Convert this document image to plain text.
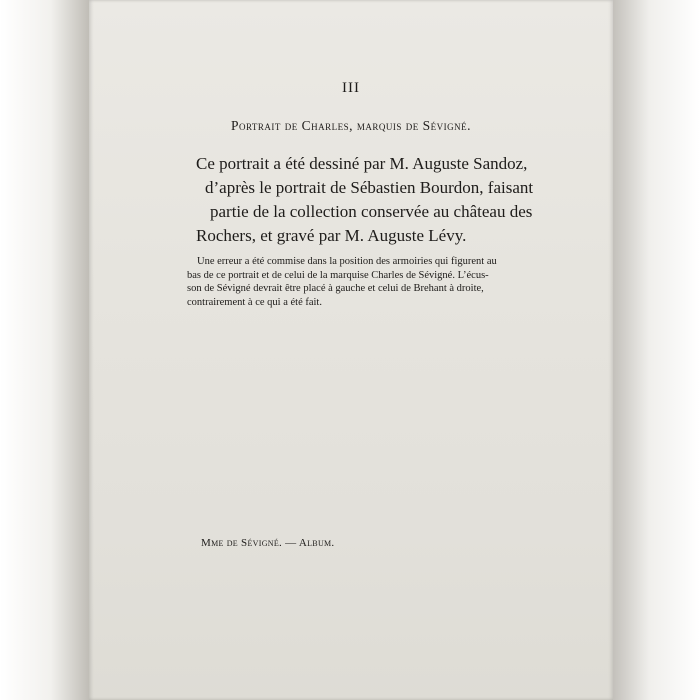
III
Portrait de Charles, marquis de Sévigné.
Ce portrait a été dessiné par M. Auguste Sandoz,
d’après le portrait de Sébastien Bourdon, faisant
partie de la collection conservée au château des
Rochers, et gravé par M. Auguste Lévy.
Une erreur a été commise dans la position des armoiries qui figurent au
bas de ce portrait et de celui de la marquise Charles de Sévigné. L’écus-
son de Sévigné devrait être placé à gauche et celui de Brehant à droite,
contrairement à ce qui a été fait.
Mme de Sévigné. — Album.
